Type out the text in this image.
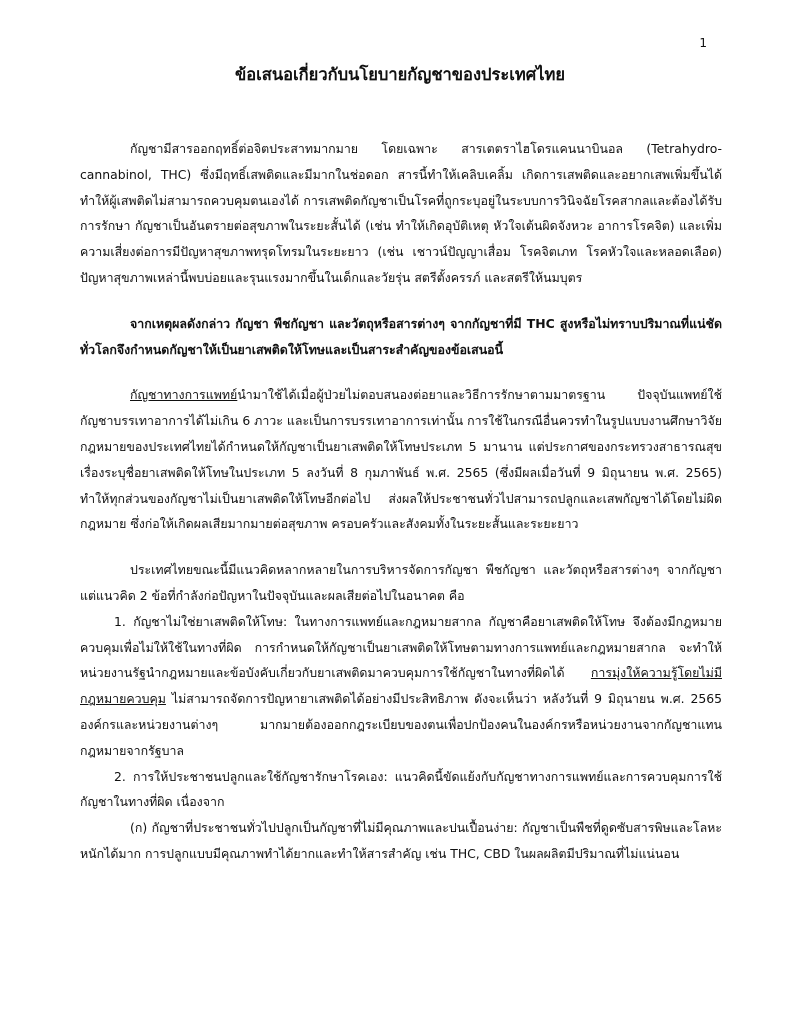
1
ข้อเสนอเกี่ยวกับนโยบายกัญชาของประเทศไทย

กัญชามีสารออกฤทธิ์ต่อจิตประสาทมากมาย โดยเฉพาะ สารเตตราไฮโดรแคนนาบินอล (Tetrahydro-cannabinol, THC) ซึ่งมีฤทธิ์เสพติดและมีมากในช่อดอก สารนี้ทำให้เคลิบเคลิ้ม เกิดการเสพติดและอยากเสพเพิ่มขึ้นได้ ทำให้ผู้เสพติดไม่สามารถควบคุมตนเองได้ การเสพติดกัญชาเป็นโรคที่ถูกระบุอยู่ในระบบการวินิจฉัยโรคสากลและต้องได้รับการรักษา กัญชาเป็นอันตรายต่อสุขภาพในระยะสั้นได้ (เช่น ทำให้เกิดอุบัติเหตุ หัวใจเต้นผิดจังหวะ อาการโรคจิต) และเพิ่มความเสี่ยงต่อการมีปัญหาสุขภาพทรุดโทรมในระยะยาว (เช่น เชาวน์ปัญญาเสื่อม โรคจิตเภท โรคหัวใจและหลอดเลือด) ปัญหาสุขภาพเหล่านี้พบบ่อยและรุนแรงมากขึ้นในเด็กและวัยรุ่น สตรีตั้งครรภ์ และสตรีให้นมบุตร

จากเหตุผลดังกล่าว กัญชา พืชกัญชา และวัตถุหรือสารต่างๆ จากกัญชาที่มี THC สูงหรือไม่ทราบปริมาณที่แน่ชัด ทั่วโลกจึงกำหนดกัญชาให้เป็นยาเสพติดให้โทษและเป็นสาระสำคัญของข้อเสนอนี้

กัญชาทางการแพทย์นำมาใช้ได้เมื่อผู้ป่วยไม่ตอบสนองต่อยาและวิธีการรักษาตามมาตรฐาน ปัจจุบันแพทย์ใช้กัญชาบรรเทาอาการได้ไม่เกิน 6 ภาวะ และเป็นการบรรเทาอาการเท่านั้น การใช้ในกรณีอื่นควรทำในรูปแบบงานศึกษาวิจัย กฎหมายของประเทศไทยได้กำหนดให้กัญชาเป็นยาเสพติดให้โทษประเภท 5 มานาน แต่ประกาศของกระทรวงสาธารณสุข เรื่องระบุชื่อยาเสพติดให้โทษในประเภท 5 ลงวันที่ 8 กุมภาพันธ์ พ.ศ. 2565 (ซึ่งมีผลเมื่อวันที่ 9 มิถุนายน พ.ศ. 2565) ทำให้ทุกส่วนของกัญชาไม่เป็นยาเสพติดให้โทษอีกต่อไป ส่งผลให้ประชาชนทั่วไปสามารถปลูกและเสพกัญชาได้โดยไม่ผิดกฎหมาย ซึ่งก่อให้เกิดผลเสียมากมายต่อสุขภาพ ครอบครัวและสังคมทั้งในระยะสั้นและระยะยาว

ประเทศไทยขณะนี้มีแนวคิดหลากหลายในการบริหารจัดการกัญชา พืชกัญชา และวัตถุหรือสารต่างๆ จากกัญชา แต่แนวคิด 2 ข้อที่กำลังก่อปัญหาในปัจจุบันและผลเสียต่อไปในอนาคต คือ

1. กัญชาไม่ใช่ยาเสพติดให้โทษ: ในทางการแพทย์และกฎหมายสากล กัญชาคือยาเสพติดให้โทษ จึงต้องมีกฎหมายควบคุมเพื่อไม่ให้ใช้ในทางที่ผิด การกำหนดให้กัญชาเป็นยาเสพติดให้โทษตามทางการแพทย์และกฎหมายสากล จะทำให้หน่วยงานรัฐนำกฎหมายและข้อบังคับเกี่ยวกับยาเสพติดมาควบคุมการใช้กัญชาในทางที่ผิดได้ การมุ่งให้ความรู้โดยไม่มีกฎหมายควบคุม ไม่สามารถจัดการปัญหายาเสพติดได้อย่างมีประสิทธิภาพ ดังจะเห็นว่า หลังวันที่ 9 มิถุนายน พ.ศ. 2565 องค์กรและหน่วยงานต่างๆ มากมายต้องออกกฎระเบียบของตนเพื่อปกป้องคนในองค์กรหรือหน่วยงานจากกัญชาแทนกฎหมายจากรัฐบาล

2. การให้ประชาชนปลูกและใช้กัญชารักษาโรคเอง: แนวคิดนี้ขัดแย้งกับกัญชาทางการแพทย์และการควบคุมการใช้กัญชาในทางที่ผิด เนื่องจาก

(ก) กัญชาที่ประชาชนทั่วไปปลูกเป็นกัญชาที่ไม่มีคุณภาพและปนเปื้อนง่าย: กัญชาเป็นพืชที่ดูดซับสารพิษและโลหะหนักได้มาก การปลูกแบบมีคุณภาพทำได้ยากและทำให้สารสำคัญ เช่น THC, CBD ในผลผลิตมีปริมาณที่ไม่แน่นอน
